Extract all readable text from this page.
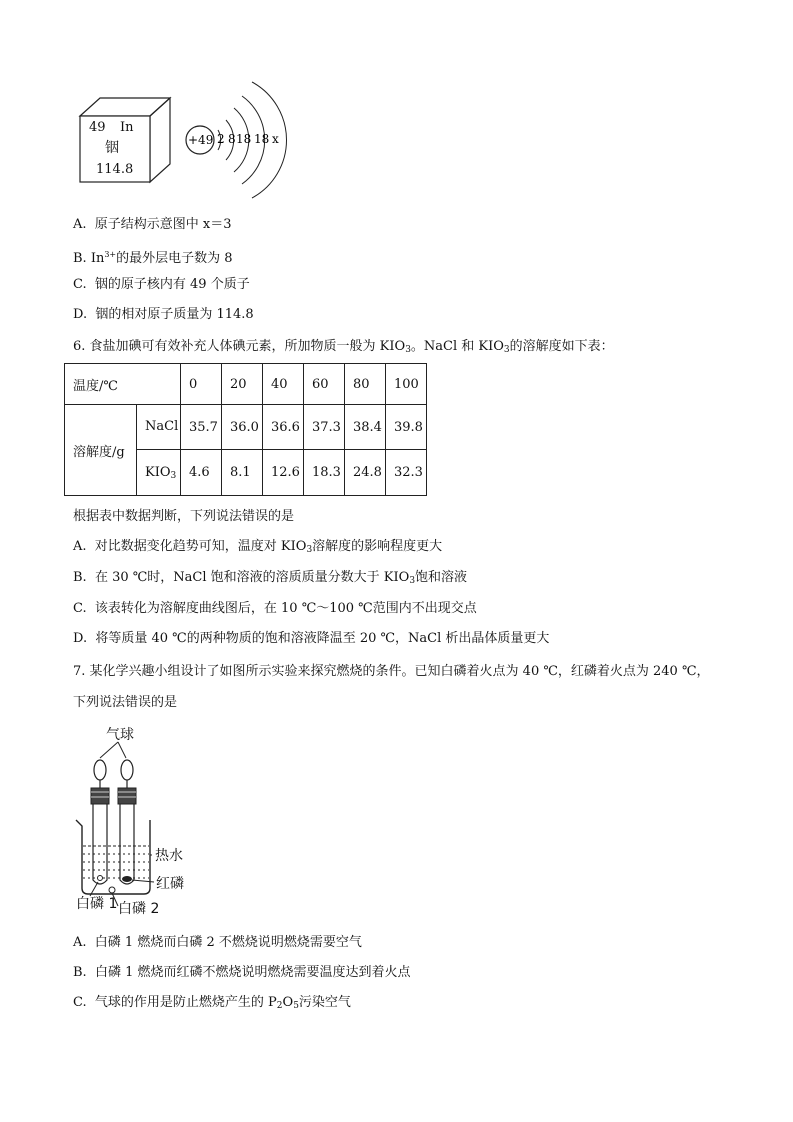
49 In
铟
114.8
+49 2 8 18 18 x
A. 原子结构示意图中 x＝3
B. $In^{3+}$的最外层电子数为 8
C. 铟的原子核内有 49 个质子
D. 铟的相对原子质量为 114.8
6. 食盐加碘可有效补充人体碘元素，所加物质一般为 $KIO_3$。NaCl 和 $KIO_3$的溶解度如下表：
温度/℃		0	20	40	60	80	100
溶解度/g	NaCl	35.7	36.0	36.6	37.3	38.4	39.8
	$KIO_3$	4.6	8.1	12.6	18.3	24.8	32.3
根据表中数据判断，下列说法错误的是
A. 对比数据变化趋势可知，温度对 $KIO_3$溶解度的影响程度更大
B. 在 30 ℃时，NaCl 饱和溶液的溶质质量分数大于 $KIO_3$饱和溶液
C. 该表转化为溶解度曲线图后，在 10 ℃～100 ℃范围内不出现交点
D. 将等质量 40 ℃的两种物质的饱和溶液降温至 20 ℃，NaCl 析出晶体质量更大
7. 某化学兴趣小组设计了如图所示实验来探究燃烧的条件。已知白磷着火点为 40 ℃，红磷着火点为 240 ℃，
下列说法错误的是
气球
热水
红磷
白磷 1 白磷 2
A. 白磷 1 燃烧而白磷 2 不燃烧说明燃烧需要空气
B. 白磷 1 燃烧而红磷不燃烧说明燃烧需要温度达到着火点
C. 气球的作用是防止燃烧产生的 $P_2O_5$污染空气
